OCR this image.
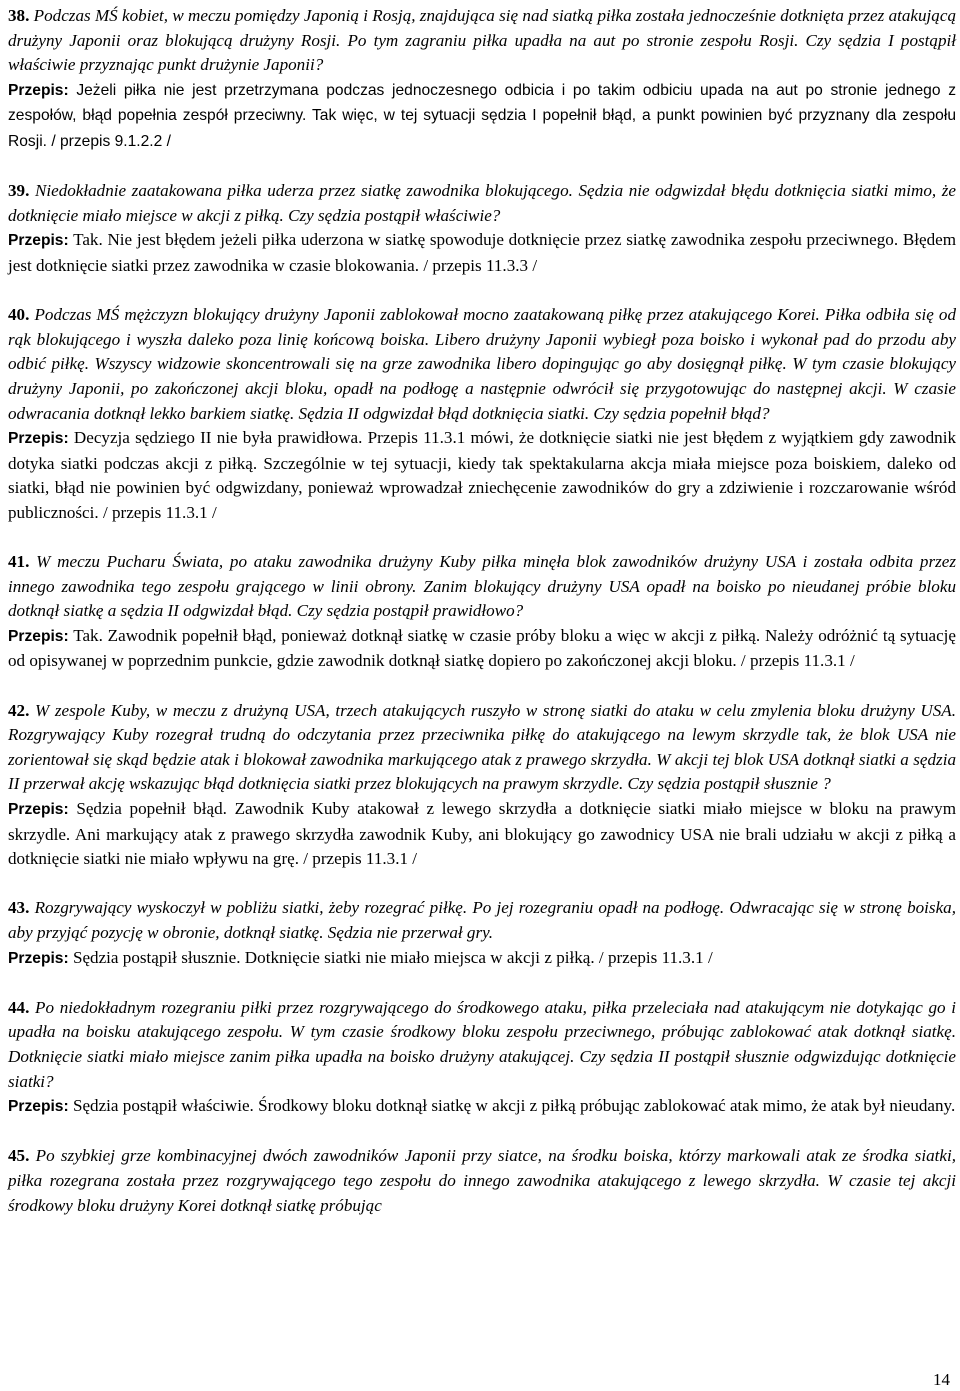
38. Podczas MŚ kobiet, w meczu pomiędzy Japonią i Rosją, znajdująca się nad siatką piłka została jednocześnie dotknięta przez atakującą drużyny Japonii oraz blokującą drużyny Rosji. Po tym zagraniu piłka upadła na aut po stronie zespołu Rosji. Czy sędzia I postąpił właściwie przyznając punkt drużynie Japonii?
Przepis: Jeżeli piłka nie jest przetrzymana podczas jednoczesnego odbicia i po takim odbiciu upada na aut po stronie jednego z zespołów, błąd popełnia zespół przeciwny. Tak więc, w tej sytuacji sędzia I popełnił błąd, a punkt powinien być przyznany dla zespołu Rosji. / przepis 9.1.2.2 /

39. Niedokładnie zaatakowana piłka uderza przez siatkę zawodnika blokującego. Sędzia nie odgwizdał błędu dotknięcia siatki mimo, że dotknięcie miało miejsce w akcji z piłką. Czy sędzia postąpił właściwie?
Przepis: Tak. Nie jest błędem jeżeli piłka uderzona w siatkę spowoduje dotknięcie przez siatkę zawodnika zespołu przeciwnego. Błędem jest dotknięcie siatki przez zawodnika w czasie blokowania. / przepis 11.3.3 /

40. Podczas MŚ mężczyzn blokujący drużyny Japonii zablokował mocno zaatakowaną piłkę przez atakującego Korei. Piłka odbiła się od rąk blokującego i wyszła daleko poza linię końcową boiska. Libero drużyny Japonii wybiegł poza boisko i wykonał pad do przodu aby odbić piłkę. Wszyscy widzowie skoncentrowali się na grze zawodnika libero dopingując go aby dosięgnął piłkę. W tym czasie blokujący drużyny Japonii, po zakończonej akcji bloku, opadł na podłogę a następnie odwrócił się przygotowując do następnej akcji. W czasie odwracania dotknął lekko barkiem siatkę. Sędzia II odgwizdał błąd dotknięcia siatki. Czy sędzia popełnił błąd?
Przepis: Decyzja sędziego II nie była prawidłowa. Przepis 11.3.1 mówi, że dotknięcie siatki nie jest błędem z wyjątkiem gdy zawodnik dotyka siatki podczas akcji z piłką. Szczególnie w tej sytuacji, kiedy tak spektakularna akcja miała miejsce poza boiskiem, daleko od siatki, błąd nie powinien być odgwizdany, ponieważ wprowadzał zniechęcenie zawodników do gry a zdziwienie i rozczarowanie wśród publiczności. / przepis 11.3.1 /

41. W meczu Pucharu Świata, po ataku zawodnika drużyny Kuby piłka minęła blok zawodników drużyny USA i została odbita przez innego zawodnika tego zespołu grającego w linii obrony. Zanim blokujący drużyny USA opadł na boisko po nieudanej próbie bloku dotknął siatkę a sędzia II odgwizdał błąd. Czy sędzia postąpił prawidłowo?
Przepis: Tak. Zawodnik popełnił błąd, ponieważ dotknął siatkę w czasie próby bloku a więc w akcji z piłką. Należy odróżnić tą sytuację od opisywanej w poprzednim punkcie, gdzie zawodnik dotknął siatkę dopiero po zakończonej akcji bloku. / przepis 11.3.1 /

42. W zespole Kuby, w meczu z drużyną USA, trzech atakujących ruszyło w stronę siatki do ataku w celu zmylenia bloku drużyny USA. Rozgrywający Kuby rozegrał trudną do odczytania przez przeciwnika piłkę do atakującego na lewym skrzydle tak, że blok USA nie zorientował się skąd będzie atak i blokował zawodnika markującego atak z prawego skrzydła. W akcji tej blok USA dotknął siatki a sędzia II przerwał akcję wskazując błąd dotknięcia siatki przez blokujących na prawym skrzydle. Czy sędzia postąpił słusznie ?
Przepis: Sędzia popełnił błąd. Zawodnik Kuby atakował z lewego skrzydła a dotknięcie siatki miało miejsce w bloku na prawym skrzydle. Ani markujący atak z prawego skrzydła zawodnik Kuby, ani blokujący go zawodnicy USA nie brali udziału w akcji z piłką a dotknięcie siatki nie miało wpływu na grę. / przepis 11.3.1 /

43. Rozgrywający wyskoczył w pobliżu siatki, żeby rozegrać piłkę. Po jej rozegraniu opadł na podłogę. Odwracając się w stronę boiska, aby przyjąć pozycję w obronie, dotknął siatkę. Sędzia nie przerwał gry.
Przepis: Sędzia postąpił słusznie. Dotknięcie siatki nie miało miejsca w akcji z piłką. / przepis 11.3.1 /

44. Po niedokładnym rozegraniu piłki przez rozgrywającego do środkowego ataku, piłka przeleciała nad atakującym nie dotykając go i upadła na boisku atakującego zespołu. W tym czasie środkowy bloku zespołu przeciwnego, próbując zablokować atak dotknął siatkę. Dotknięcie siatki miało miejsce zanim piłka upadła na boisko drużyny atakującej. Czy sędzia II postąpił słusznie odgwizdując dotknięcie siatki?
Przepis: Sędzia postąpił właściwie. Środkowy bloku dotknął siatkę w akcji z piłką próbując zablokować atak mimo, że atak był nieudany.

45. Po szybkiej grze kombinacyjnej dwóch zawodników Japonii przy siatce, na środku boiska, którzy markowali atak ze środka siatki, piłka rozegrana została przez rozgrywającego tego zespołu do innego zawodnika atakującego z lewego skrzydła. W czasie tej akcji środkowy bloku drużyny Korei dotknął siatkę próbując

14
